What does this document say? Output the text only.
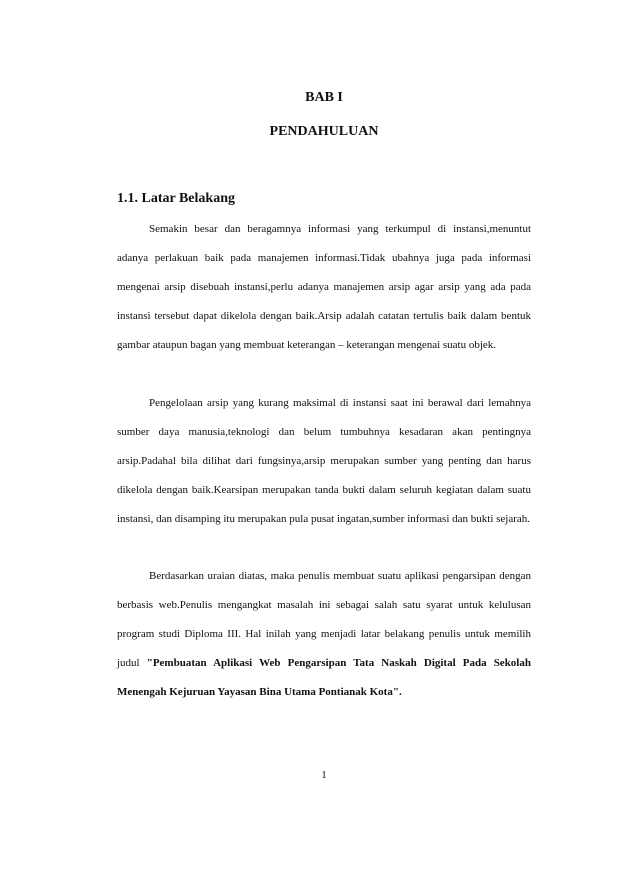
BAB I
PENDAHULUAN
1.1. Latar Belakang

Semakin besar dan beragamnya informasi yang terkumpul di instansi,menuntut adanya perlakuan baik pada manajemen informasi.Tidak ubahnya juga pada informasi mengenai arsip disebuah instansi,perlu adanya manajemen arsip agar arsip yang ada pada instansi tersebut dapat dikelola dengan baik.Arsip adalah catatan tertulis baik dalam bentuk gambar ataupun bagan yang membuat keterangan – keterangan mengenai suatu objek.

Pengelolaan arsip yang kurang maksimal di instansi saat ini berawal dari lemahnya sumber daya manusia,teknologi dan belum tumbuhnya kesadaran akan pentingnya arsip.Padahal bila dilihat dari fungsinya,arsip merupakan sumber yang penting dan harus dikelola dengan baik.Kearsipan merupakan tanda bukti dalam seluruh kegiatan dalam suatu instansi, dan disamping itu merupakan pula pusat ingatan,sumber informasi dan bukti sejarah.

Berdasarkan uraian diatas, maka penulis membuat suatu aplikasi pengarsipan dengan berbasis web.Penulis mengangkat masalah ini sebagai salah satu syarat untuk kelulusan program studi Diploma III. Hal inilah yang menjadi latar belakang penulis untuk memilih judul "Pembuatan Aplikasi Web Pengarsipan Tata Naskah Digital Pada Sekolah Menengah Kejuruan Yayasan Bina Utama Pontianak Kota".

1
